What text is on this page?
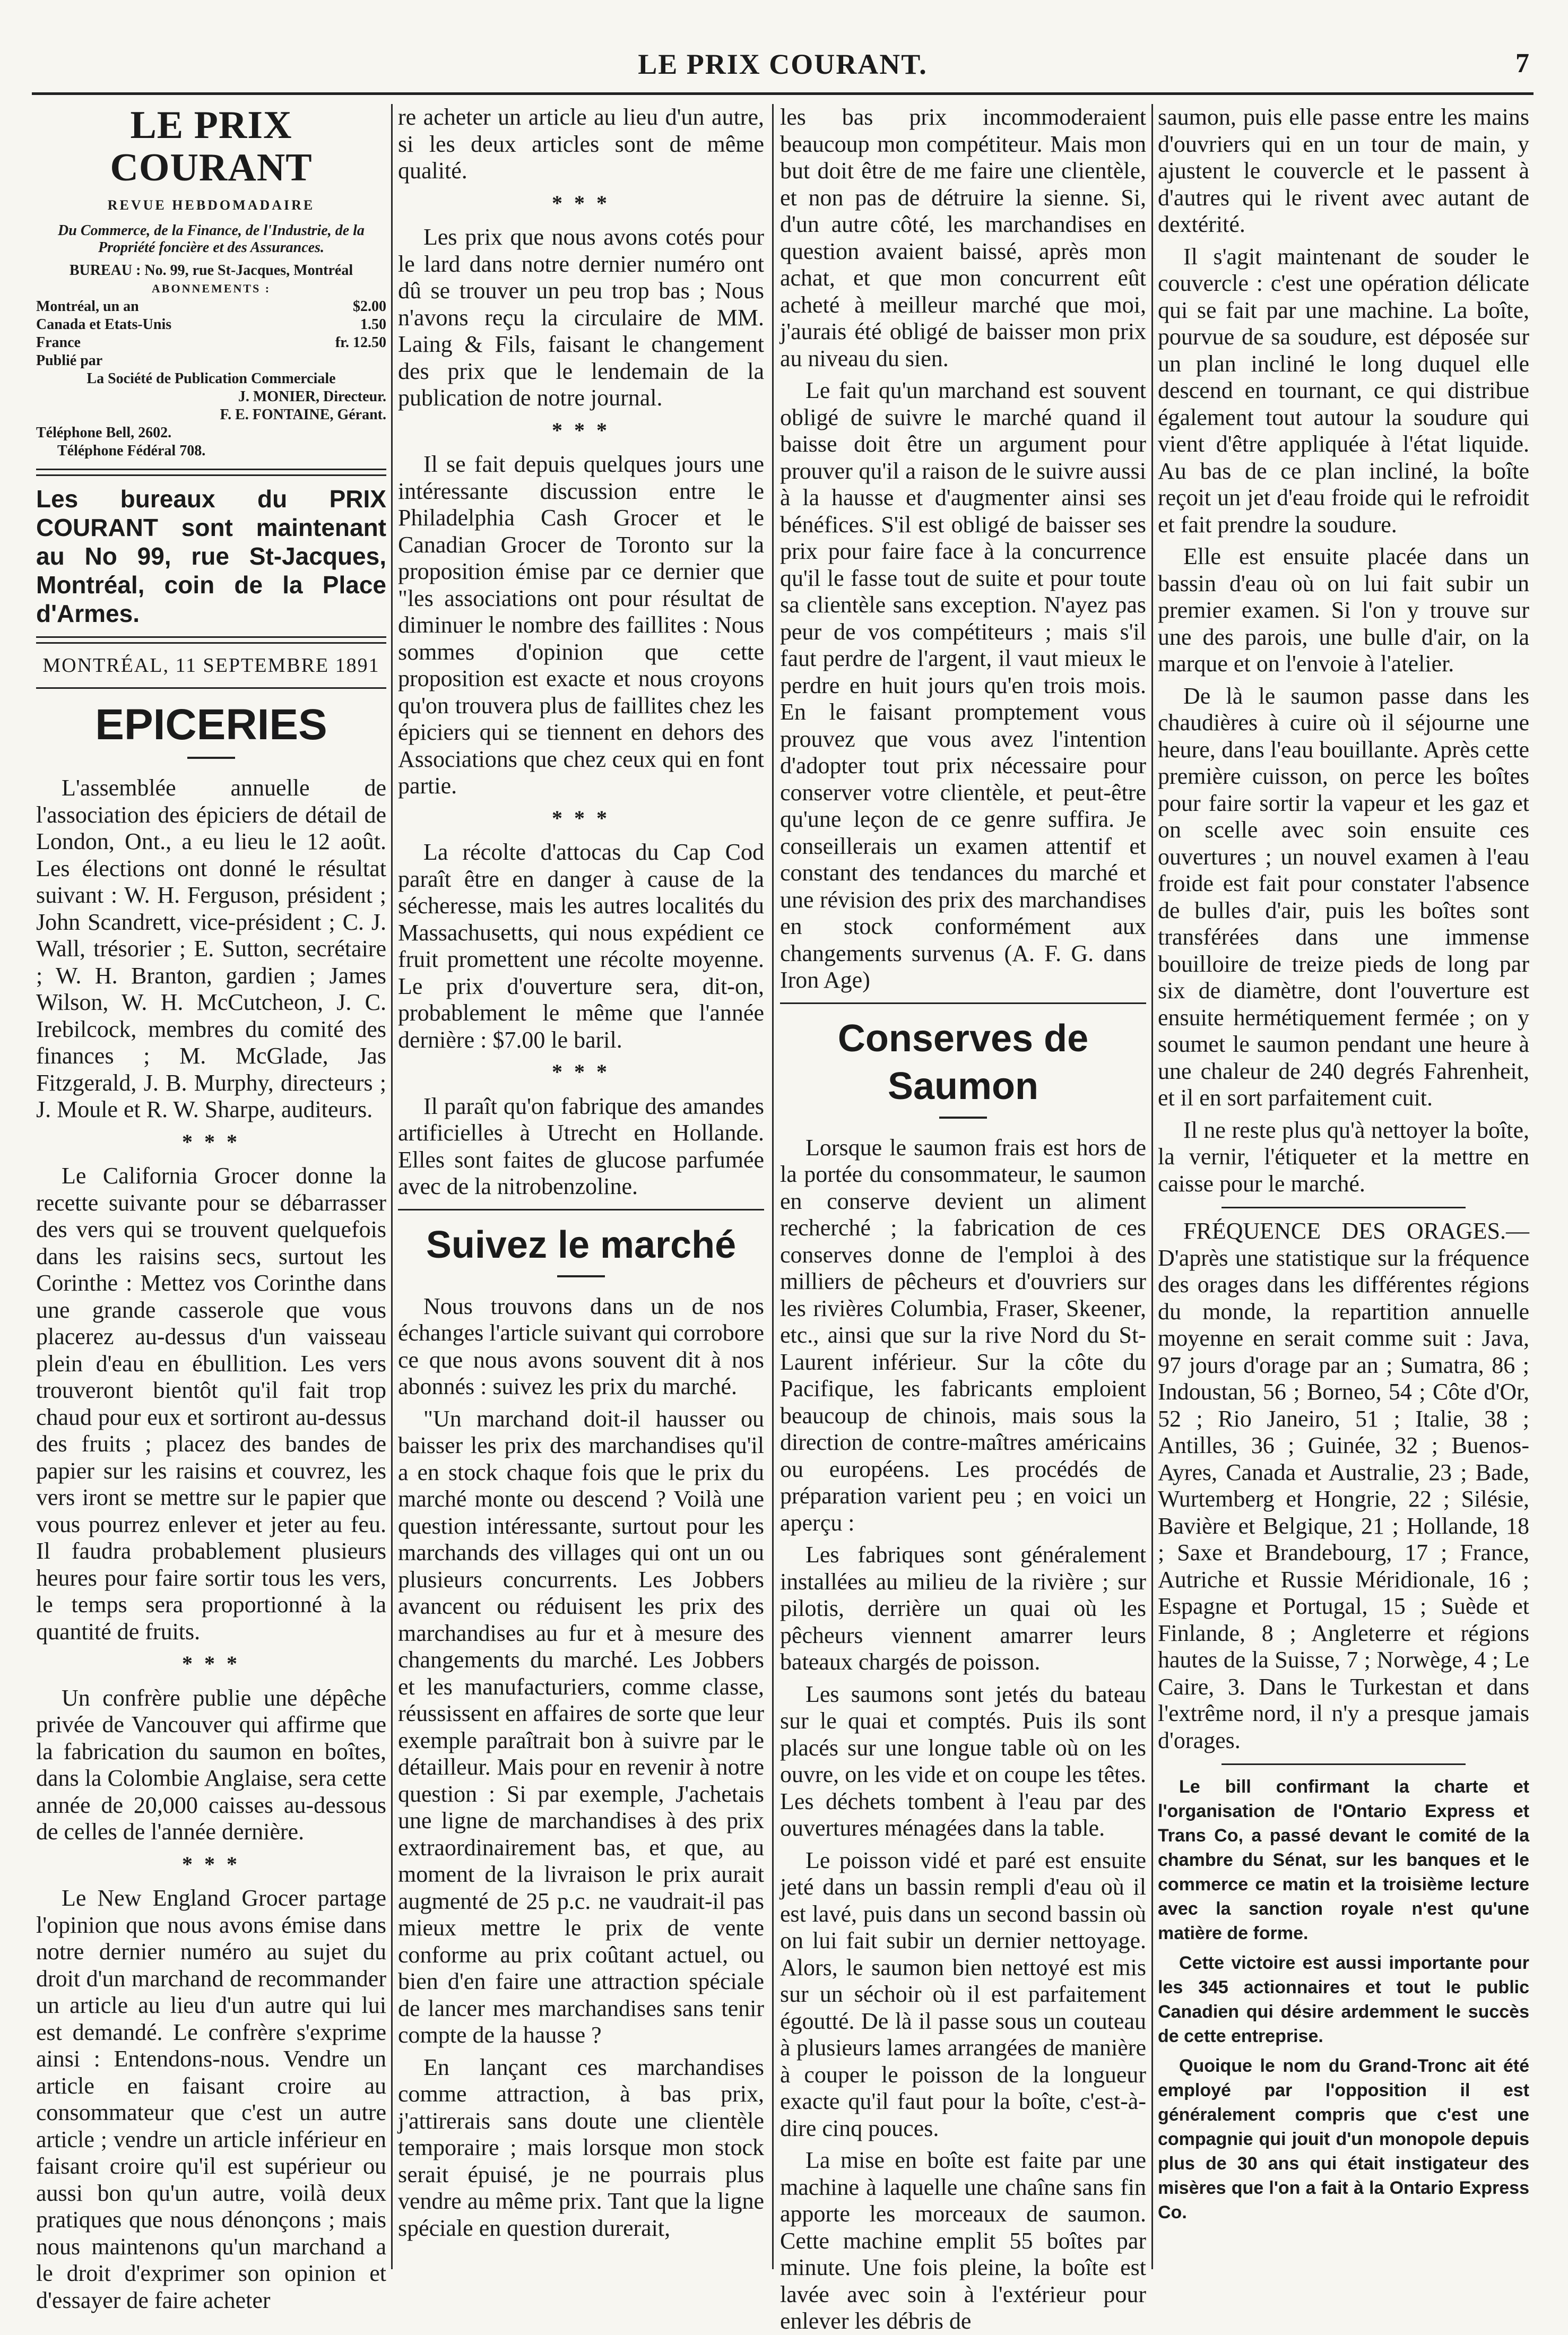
LE PRIX COURANT.	7
LE PRIX COURANT
REVUE HEBDOMADAIRE
Du Commerce, de la Finance, de l'Industrie, de la Propriété foncière et des Assurances.
BUREAU : No. 99, rue St-Jacques, Montréal
ABONNEMENTS :
Montréal, un an	$2.00
Canada et Etats-Unis	1.50
France	fr. 12.50
Publié par
La Société de Publication Commerciale
J. MONIER, Directeur.
F. E. FONTAINE, Gérant.
Téléphone Bell, 2602.
Téléphone Fédéral 708.

Les bureaux du PRIX COURANT sont maintenant au No 99, rue St-Jacques, Montréal, coin de la Place d'Armes.

MONTRÉAL, 11 SEPTEMBRE 1891
EPICERIES

L'assemblée annuelle de l'association des épiciers de détail de London, Ont., a eu lieu le 12 août. Les élections ont donné le résultat suivant : W. H. Ferguson, président ; John Scandrett, vice-président ; C. J. Wall, trésorier ; E. Sutton, secrétaire ; W. H. Branton, gardien ; James Wilson, W. H. McCutcheon, J. C. Irebilcock, membres du comité des finances ; M. McGlade, Jas Fitzgerald, J. B. Murphy, directeurs ; J. Moule et R. W. Sharpe, auditeurs.

* * *

Le California Grocer donne la recette suivante pour se débarrasser des vers qui se trouvent quelquefois dans les raisins secs, surtout les Corinthe : Mettez vos Corinthe dans une grande casserole que vous placerez au-dessus d'un vaisseau plein d'eau en ébullition. Les vers trouveront bientôt qu'il fait trop chaud pour eux et sortiront au-dessus des fruits ; placez des bandes de papier sur les raisins et couvrez, les vers iront se mettre sur le papier que vous pourrez enlever et jeter au feu. Il faudra probablement plusieurs heures pour faire sortir tous les vers, le temps sera proportionné à la quantité de fruits.

* * *

Un confrère publie une dépêche privée de Vancouver qui affirme que la fabrication du saumon en boîtes, dans la Colombie Anglaise, sera cette année de 20,000 caisses au-dessous de celles de l'année dernière.

* * *

Le New England Grocer partage l'opinion que nous avons émise dans notre dernier numéro au sujet du droit d'un marchand de recommander un article au lieu d'un autre qui lui est demandé. Le confrère s'exprime ainsi : Entendons-nous. Vendre un article en faisant croire au consommateur que c'est un autre article ; vendre un article inférieur en faisant croire qu'il est supérieur ou aussi bon qu'un autre, voilà deux pratiques que nous dénonçons ; mais nous maintenons qu'un marchand a le droit d'exprimer son opinion et d'essayer de faire acheter

re acheter un article au lieu d'un autre, si les deux articles sont de même qualité.

* * *

Les prix que nous avons cotés pour le lard dans notre dernier numéro ont dû se trouver un peu trop bas ; Nous n'avons reçu la circulaire de MM. Laing & Fils, faisant le changement des prix que le lendemain de la publication de notre journal.

* * *

Il se fait depuis quelques jours une intéressante discussion entre le Philadelphia Cash Grocer et le Canadian Grocer de Toronto sur la proposition émise par ce dernier que "les associations ont pour résultat de diminuer le nombre des faillites : Nous sommes d'opinion que cette proposition est exacte et nous croyons qu'on trouvera plus de faillites chez les épiciers qui se tiennent en dehors des Associations que chez ceux qui en font partie.

* * *

La récolte d'attocas du Cap Cod paraît être en danger à cause de la sécheresse, mais les autres localités du Massachusetts, qui nous expédient ce fruit promettent une récolte moyenne. Le prix d'ouverture sera, dit-on, probablement le même que l'année dernière : $7.00 le baril.

* * *

Il paraît qu'on fabrique des amandes artificielles à Utrecht en Hollande. Elles sont faites de glucose parfumée avec de la nitrobenzoline.

Suivez le marché

Nous trouvons dans un de nos échanges l'article suivant qui corrobore ce que nous avons souvent dit à nos abonnés : suivez les prix du marché.

"Un marchand doit-il hausser ou baisser les prix des marchandises qu'il a en stock chaque fois que le prix du marché monte ou descend ? Voilà une question intéressante, surtout pour les marchands des villages qui ont un ou plusieurs concurrents. Les Jobbers avancent ou réduisent les prix des marchandises au fur et à mesure des changements du marché. Les Jobbers et les manufacturiers, comme classe, réussissent en affaires de sorte que leur exemple paraîtrait bon à suivre par le détailleur. Mais pour en revenir à notre question : Si par exemple, J'achetais une ligne de marchandises à des prix extraordinairement bas, et que, au moment de la livraison le prix aurait augmenté de 25 p.c. ne vaudrait-il pas mieux mettre le prix de vente conforme au prix coûtant actuel, ou bien d'en faire une attraction spéciale de lancer mes marchandises sans tenir compte de la hausse ?

En lançant ces marchandises comme attraction, à bas prix, j'attirerais sans doute une clientèle temporaire ; mais lorsque mon stock serait épuisé, je ne pourrais plus vendre au même prix. Tant que la ligne spéciale en question durerait,

les bas prix incommoderaient beaucoup mon compétiteur. Mais mon but doit être de me faire une clientèle, et non pas de détruire la sienne. Si, d'un autre côté, les marchandises en question avaient baissé, après mon achat, et que mon concurrent eût acheté à meilleur marché que moi, j'aurais été obligé de baisser mon prix au niveau du sien.

Le fait qu'un marchand est souvent obligé de suivre le marché quand il baisse doit être un argument pour prouver qu'il a raison de le suivre aussi à la hausse et d'augmenter ainsi ses bénéfices. S'il est obligé de baisser ses prix pour faire face à la concurrence qu'il le fasse tout de suite et pour toute sa clientèle sans exception. N'ayez pas peur de vos compétiteurs ; mais s'il faut perdre de l'argent, il vaut mieux le perdre en huit jours qu'en trois mois. En le faisant promptement vous prouvez que vous avez l'intention d'adopter tout prix nécessaire pour conserver votre clientèle, et peut-être qu'une leçon de ce genre suffira. Je conseillerais un examen attentif et constant des tendances du marché et une révision des prix des marchandises en stock conformément aux changements survenus (A. F. G. dans Iron Age)

Conserves de Saumon

Lorsque le saumon frais est hors de la portée du consommateur, le saumon en conserve devient un aliment recherché ; la fabrication de ces conserves donne de l'emploi à des milliers de pêcheurs et d'ouvriers sur les rivières Columbia, Fraser, Skeener, etc., ainsi que sur la rive Nord du St-Laurent inférieur. Sur la côte du Pacifique, les fabricants emploient beaucoup de chinois, mais sous la direction de contre-maîtres américains ou européens. Les procédés de préparation varient peu ; en voici un aperçu :

Les fabriques sont généralement installées au milieu de la rivière ; sur pilotis, derrière un quai où les pêcheurs viennent amarrer leurs bateaux chargés de poisson.

Les saumons sont jetés du bateau sur le quai et comptés. Puis ils sont placés sur une longue table où on les ouvre, on les vide et on coupe les têtes. Les déchets tombent à l'eau par des ouvertures ménagées dans la table.

Le poisson vidé et paré est ensuite jeté dans un bassin rempli d'eau où il est lavé, puis dans un second bassin où on lui fait subir un dernier nettoyage. Alors, le saumon bien nettoyé est mis sur un séchoir où il est parfaitement égoutté. De là il passe sous un couteau à plusieurs lames arrangées de manière à couper le poisson de la longueur exacte qu'il faut pour la boîte, c'est-à-dire cinq pouces.

La mise en boîte est faite par une machine à laquelle une chaîne sans fin apporte les morceaux de saumon. Cette machine emplit 55 boîtes par minute. Une fois pleine, la boîte est lavée avec soin à l'extérieur pour enlever les débris de

saumon, puis elle passe entre les mains d'ouvriers qui en un tour de main, y ajustent le couvercle et le passent à d'autres qui le rivent avec autant de dextérité.

Il s'agit maintenant de souder le couvercle : c'est une opération délicate qui se fait par une machine. La boîte, pourvue de sa soudure, est déposée sur un plan incliné le long duquel elle descend en tournant, ce qui distribue également tout autour la soudure qui vient d'être appliquée à l'état liquide. Au bas de ce plan incliné, la boîte reçoit un jet d'eau froide qui le refroidit et fait prendre la soudure.

Elle est ensuite placée dans un bassin d'eau où on lui fait subir un premier examen. Si l'on y trouve sur une des parois, une bulle d'air, on la marque et on l'envoie à l'atelier.

De là le saumon passe dans les chaudières à cuire où il séjourne une heure, dans l'eau bouillante. Après cette première cuisson, on perce les boîtes pour faire sortir la vapeur et les gaz et on scelle avec soin ensuite ces ouvertures ; un nouvel examen à l'eau froide est fait pour constater l'absence de bulles d'air, puis les boîtes sont transférées dans une immense bouilloire de treize pieds de long par six de diamètre, dont l'ouverture est ensuite hermétiquement fermée ; on y soumet le saumon pendant une heure à une chaleur de 240 degrés Fahrenheit, et il en sort parfaitement cuit.

Il ne reste plus qu'à nettoyer la boîte, la vernir, l'étiqueter et la mettre en caisse pour le marché.

FRÉQUENCE DES ORAGES.—D'après une statistique sur la fréquence des orages dans les différentes régions du monde, la repartition annuelle moyenne en serait comme suit : Java, 97 jours d'orage par an ; Sumatra, 86 ; Indoustan, 56 ; Borneo, 54 ; Côte d'Or, 52 ; Rio Janeiro, 51 ; Italie, 38 ; Antilles, 36 ; Guinée, 32 ; Buenos-Ayres, Canada et Australie, 23 ; Bade, Wurtemberg et Hongrie, 22 ; Silésie, Bavière et Belgique, 21 ; Hollande, 18 ; Saxe et Brandebourg, 17 ; France, Autriche et Russie Méridionale, 16 ; Espagne et Portugal, 15 ; Suède et Finlande, 8 ; Angleterre et régions hautes de la Suisse, 7 ; Norwège, 4 ; Le Caire, 3. Dans le Turkestan et dans l'extrême nord, il n'y a presque jamais d'orages.

Le bill confirmant la charte et l'organisation de l'Ontario Express et Trans Co, a passé devant le comité de la chambre du Sénat, sur les banques et le commerce ce matin et la troisième lecture avec la sanction royale n'est qu'une matière de forme.

Cette victoire est aussi importante pour les 345 actionnaires et tout le public Canadien qui désire ardemment le succès de cette entreprise.

Quoique le nom du Grand-Tronc ait été employé par l'opposition il est généralement compris que c'est une compagnie qui jouit d'un monopole depuis plus de 30 ans qui était instigateur des misères que l'on a fait à la Ontario Express Co.
